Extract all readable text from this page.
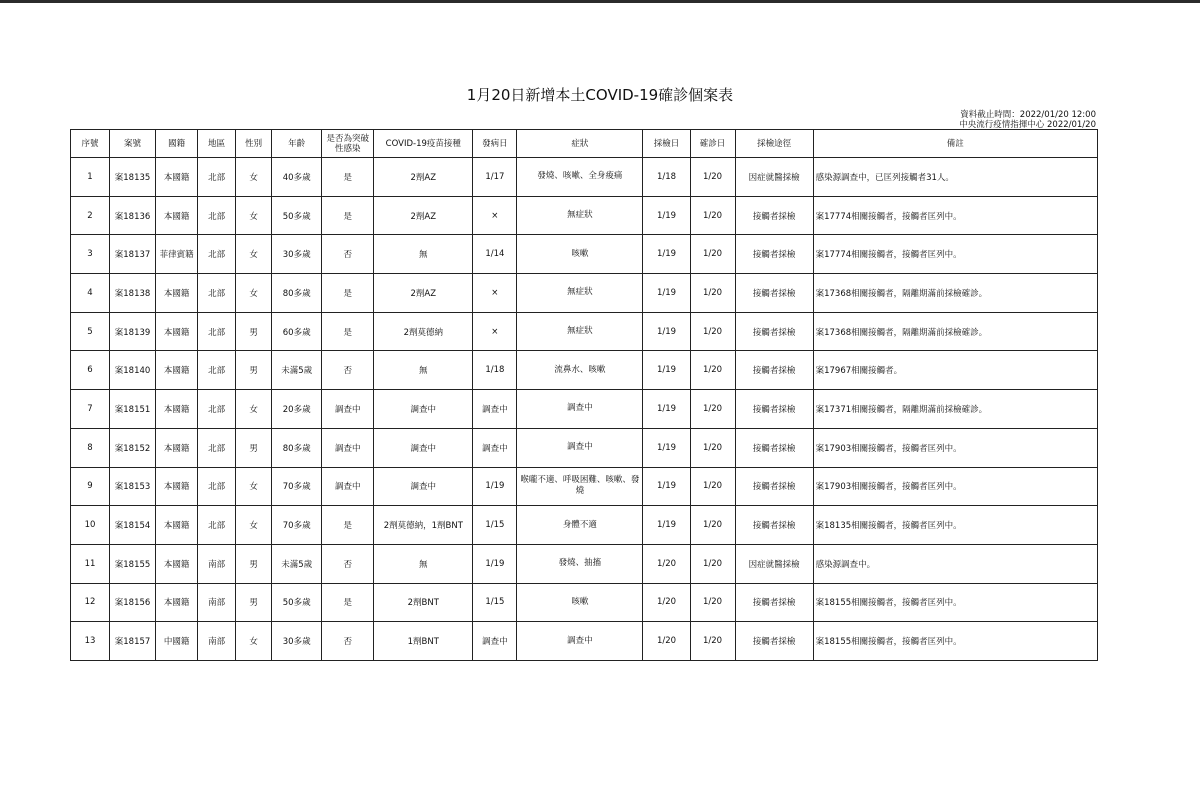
1月20日新增本土COVID-19確診個案表
資料截止時間：2022/01/20 12:00
中央流行疫情指揮中心 2022/01/20
序號	案號	國籍	地區	性別	年齡	是否為突破性感染	COVID-19疫苗接種	發病日	症狀	採檢日	確診日	採檢途徑	備註
1	案18135	本國籍	北部	女	40多歲	是	2劑AZ	1/17	發燒、咳嗽、全身痠痛	1/18	1/20	因症就醫採檢	感染源調查中，已匡列接觸者31人。
2	案18136	本國籍	北部	女	50多歲	是	2劑AZ	×	無症狀	1/19	1/20	接觸者採檢	案17774相關接觸者，接觸者匡列中。
3	案18137	菲律賓籍	北部	女	30多歲	否	無	1/14	咳嗽	1/19	1/20	接觸者採檢	案17774相關接觸者，接觸者匡列中。
4	案18138	本國籍	北部	女	80多歲	是	2劑AZ	×	無症狀	1/19	1/20	接觸者採檢	案17368相關接觸者，隔離期滿前採檢確診。
5	案18139	本國籍	北部	男	60多歲	是	2劑莫德納	×	無症狀	1/19	1/20	接觸者採檢	案17368相關接觸者，隔離期滿前採檢確診。
6	案18140	本國籍	北部	男	未滿5歲	否	無	1/18	流鼻水、咳嗽	1/19	1/20	接觸者採檢	案17967相關接觸者。
7	案18151	本國籍	北部	女	20多歲	調查中	調查中	調查中	調查中	1/19	1/20	接觸者採檢	案17371相關接觸者，隔離期滿前採檢確診。
8	案18152	本國籍	北部	男	80多歲	調查中	調查中	調查中	調查中	1/19	1/20	接觸者採檢	案17903相關接觸者，接觸者匡列中。
9	案18153	本國籍	北部	女	70多歲	調查中	調查中	1/19	喉嚨不適、呼吸困難、咳嗽、發燒	1/19	1/20	接觸者採檢	案17903相關接觸者，接觸者匡列中。
10	案18154	本國籍	北部	女	70多歲	是	2劑莫德納，1劑BNT	1/15	身體不適	1/19	1/20	接觸者採檢	案18135相關接觸者，接觸者匡列中。
11	案18155	本國籍	南部	男	未滿5歲	否	無	1/19	發燒、抽搐	1/20	1/20	因症就醫採檢	感染源調查中。
12	案18156	本國籍	南部	男	50多歲	是	2劑BNT	1/15	咳嗽	1/20	1/20	接觸者採檢	案18155相關接觸者，接觸者匡列中。
13	案18157	中國籍	南部	女	30多歲	否	1劑BNT	調查中	調查中	1/20	1/20	接觸者採檢	案18155相關接觸者，接觸者匡列中。
